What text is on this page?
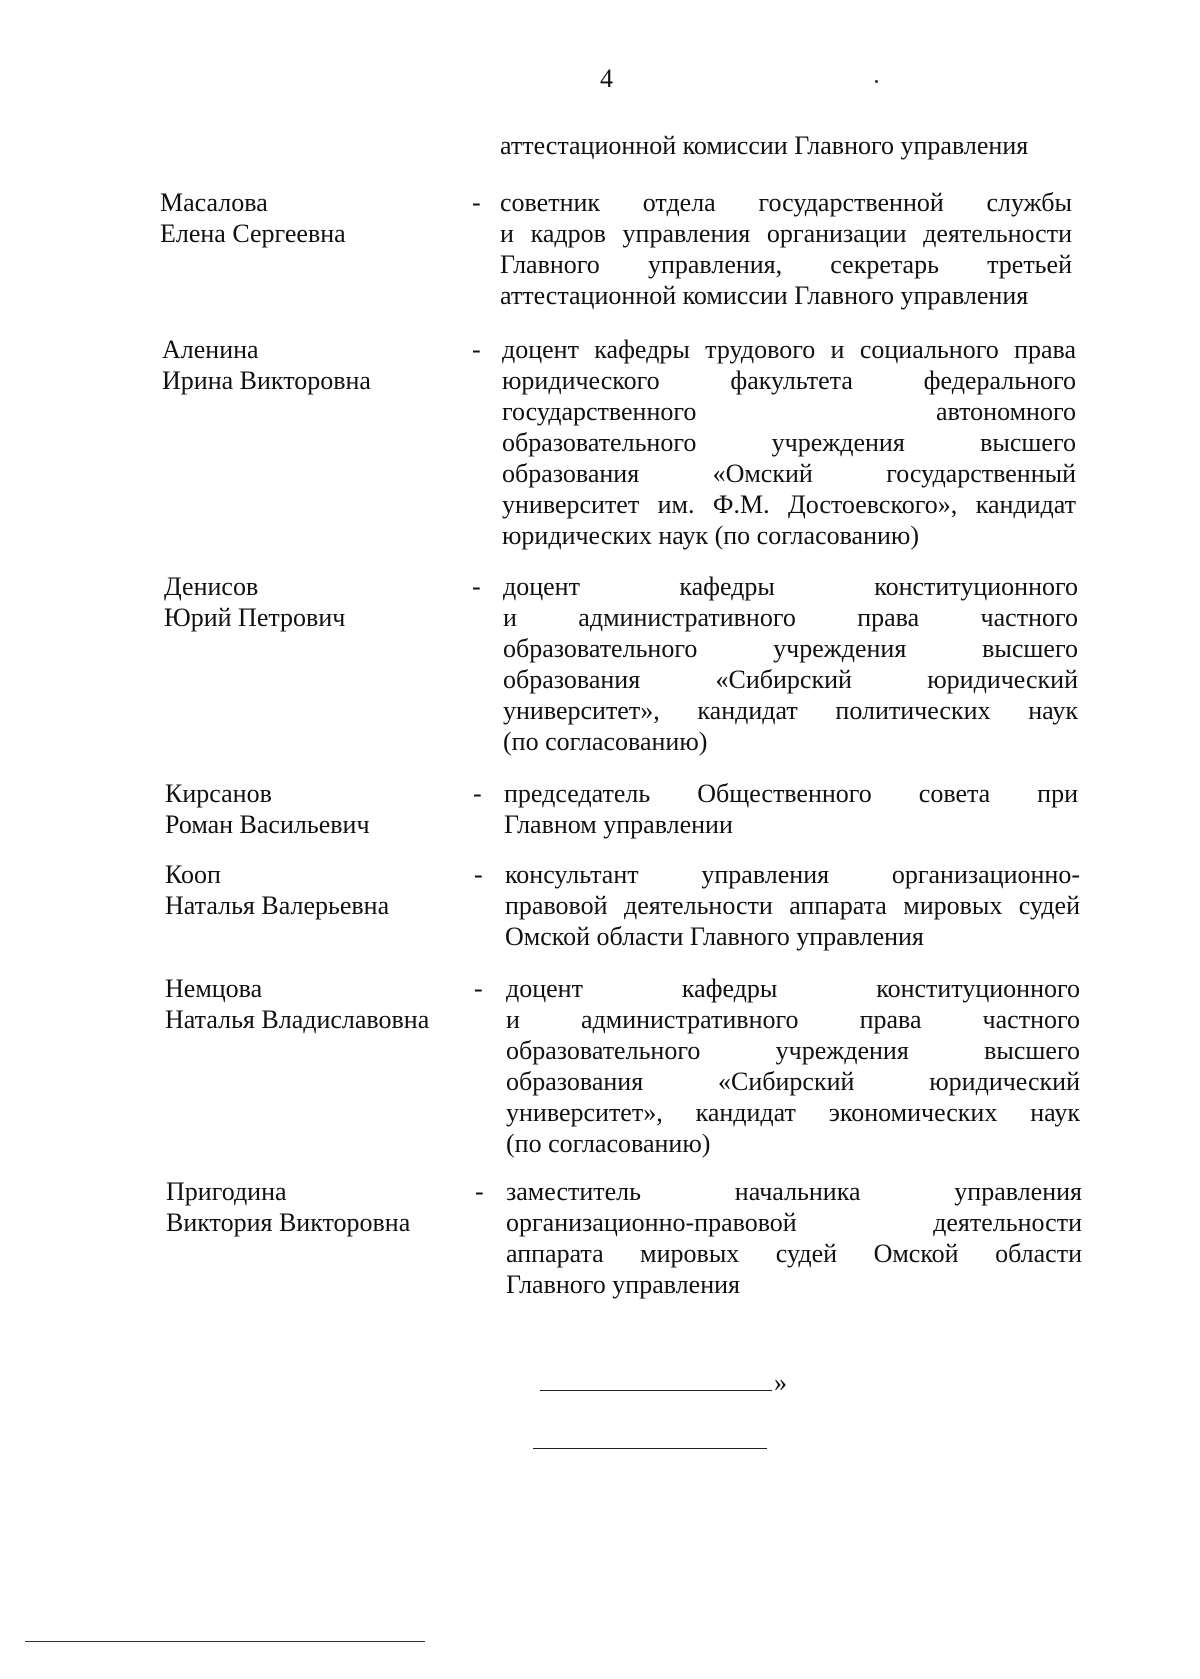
4
аттестационной комиссии Главного управления
Масалова
Елена Сергеевна
- советник отдела государственной службы
и кадров управления организации деятельности
Главного управления, секретарь третьей
аттестационной комиссии Главного управления
Аленина
Ирина Викторовна
- доцент кафедры трудового и социального права
юридического факультета федерального
государственного автономного
образовательного учреждения высшего
образования «Омский государственный
университет им. Ф.М. Достоевского», кандидат
юридических наук (по согласованию)
Денисов
Юрий Петрович
- доцент кафедры конституционного
и административного права частного
образовательного учреждения высшего
образования «Сибирский юридический
университет», кандидат политических наук
(по согласованию)
Кирсанов
Роман Васильевич
- председатель Общественного совета при
Главном управлении
Кооп
Наталья Валерьевна
- консультант управления организационно-
правовой деятельности аппарата мировых судей
Омской области Главного управления
Немцова
Наталья Владиславовна
- доцент кафедры конституционного
и административного права частного
образовательного учреждения высшего
образования «Сибирский юридический
университет», кандидат экономических наук
(по согласованию)
Пригодина
Виктория Викторовна
- заместитель начальника управления
организационно-правовой деятельности
аппарата мировых судей Омской области
Главного управления
»
